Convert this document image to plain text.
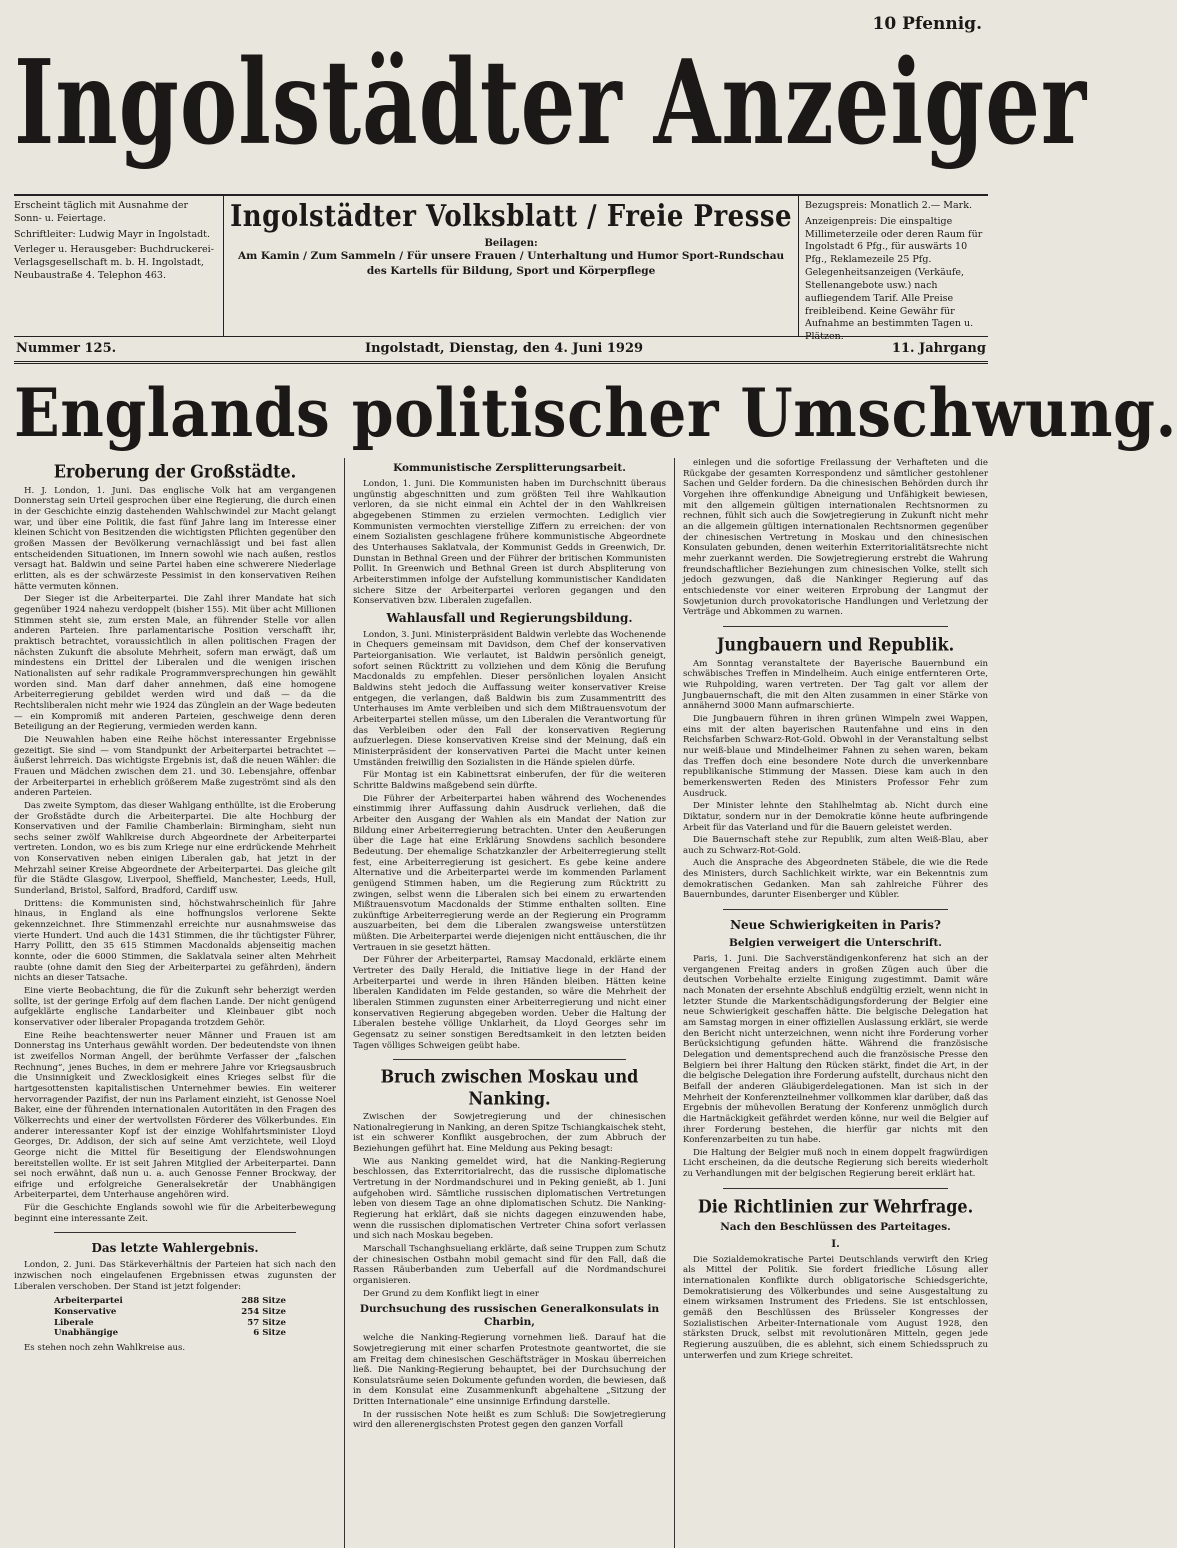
10 Pfennig.
Ingolstädter Anzeiger

Erscheint täglich mit Ausnahme der Sonn- u. Feiertage.

Schriftleiter: Ludwig Mayr in Ingolstadt.

Verleger u. Herausgeber: Buchdruckerei-Verlagsgesellschaft m. b. H. Ingolstadt, Neubaustraße 4. Telephon 463.

Ingolstädter Volksblatt / Freie Presse
Beilagen:
Am Kamin / Zum Sammeln / Für unsere Frauen / Unterhaltung und Humor Sport-Rundschau des Kartells für Bildung, Sport und Körperpflege

Bezugspreis: Monatlich 2.— Mark.

Anzeigenpreis: Die einspaltige Millimeterzeile oder deren Raum für Ingolstadt 6 Pfg., für auswärts 10 Pfg., Reklamezeile 25 Pfg. Gelegenheitsanzeigen (Verkäufe, Stellenangebote usw.) nach aufliegendem Tarif. Alle Preise freibleibend. Keine Gewähr für Aufnahme an bestimmten Tagen u. Plätzen.

Nummer 125.	Ingolstadt, Dienstag, den 4. Juni 1929	11. Jahrgang
Englands politischer Umschwung.
Eroberung der Großstädte.

H. J. London, 1. Juni. Das englische Volk hat am vergangenen Donnerstag sein Urteil gesprochen über eine Regierung, die durch einen in der Geschichte einzig dastehenden Wahlschwindel zur Macht gelangt war, und über eine Politik, die fast fünf Jahre lang im Interesse einer kleinen Schicht von Besitzenden die wichtigsten Pflichten gegenüber den großen Massen der Bevölkerung vernachlässigt und bei fast allen entscheidenden Situationen, im Innern sowohl wie nach außen, restlos versagt hat. Baldwin und seine Partei haben eine schwerere Niederlage erlitten, als es der schwärzeste Pessimist in den konservativen Reihen hätte vermuten können.

Der Sieger ist die Arbeiterpartei. Die Zahl ihrer Mandate hat sich gegenüber 1924 nahezu verdoppelt (bisher 155). Mit über acht Millionen Stimmen steht sie, zum ersten Male, an führender Stelle vor allen anderen Parteien. Ihre parlamentarische Position verschafft ihr, praktisch betrachtet, voraussichtlich in allen politischen Fragen der nächsten Zukunft die absolute Mehrheit, sofern man erwägt, daß um mindestens ein Drittel der Liberalen und die wenigen irischen Nationalisten auf sehr radikale Programmversprechungen hin gewählt worden sind. Man darf daher annehmen, daß eine homogene Arbeiterregierung gebildet werden wird und daß — da die Rechtsliberalen nicht mehr wie 1924 das Zünglein an der Wage bedeuten — ein Kompromiß mit anderen Parteien, geschweige denn deren Beteiligung an der Regierung, vermieden werden kann.

Die Neuwahlen haben eine Reihe höchst interessanter Ergebnisse gezeitigt. Sie sind — vom Standpunkt der Arbeiterpartei betrachtet — äußerst lehrreich. Das wichtigste Ergebnis ist, daß die neuen Wähler: die Frauen und Mädchen zwischen dem 21. und 30. Lebensjahre, offenbar der Arbeiterpartei in erheblich größerem Maße zugeströmt sind als den anderen Parteien.

Das zweite Symptom, das dieser Wahlgang enthüllte, ist die Eroberung der Großstädte durch die Arbeiterpartei. Die alte Hochburg der Konservativen und der Familie Chamberlain: Birmingham, sieht nun sechs seiner zwölf Wahlkreise durch Abgeordnete der Arbeiterpartei vertreten. London, wo es bis zum Kriege nur eine erdrückende Mehrheit von Konservativen neben einigen Liberalen gab, hat jetzt in der Mehrzahl seiner Kreise Abgeordnete der Arbeiterpartei. Das gleiche gilt für die Städte Glasgow, Liverpool, Sheffield, Manchester, Leeds, Hull, Sunderland, Bristol, Salford, Bradford, Cardiff usw.

Drittens: die Kommunisten sind, höchstwahrscheinlich für Jahre hinaus, in England als eine hoffnungslos verlorene Sekte gekennzeichnet. Ihre Stimmenzahl erreichte nur ausnahmsweise das vierte Hundert. Und auch die 1431 Stimmen, die ihr tüchtigster Führer, Harry Pollitt, den 35 615 Stimmen Macdonalds abjenseitig machen konnte, oder die 6000 Stimmen, die Saklatvala seiner alten Mehrheit raubte (ohne damit den Sieg der Arbeiterpartei zu gefährden), ändern nichts an dieser Tatsache.

Eine vierte Beobachtung, die für die Zukunft sehr beherzigt werden sollte, ist der geringe Erfolg auf dem flachen Lande. Der nicht genügend aufgeklärte englische Landarbeiter und Kleinbauer gibt noch konservativer oder liberaler Propaganda trotzdem Gehör.

Eine Reihe beachtenswerter neuer Männer und Frauen ist am Donnerstag ins Unterhaus gewählt worden. Der bedeutendste von ihnen ist zweifellos Norman Angell, der berühmte Verfasser der „falschen Rechnung“, jenes Buches, in dem er mehrere Jahre vor Kriegsausbruch die Unsinnigkeit und Zwecklosigkeit eines Krieges selbst für die hartgesottensten kapitalistischen Unternehmer bewies. Ein weiterer hervorragender Pazifist, der nun ins Parlament einzieht, ist Genosse Noel Baker, eine der führenden internationalen Autoritäten in den Fragen des Völkerrechts und einer der wertvollsten Förderer des Völkerbundes. Ein anderer interessanter Kopf ist der einzige Wohlfahrtsminister Lloyd Georges, Dr. Addison, der sich auf seine Amt verzichtete, weil Lloyd George nicht die Mittel für Beseitigung der Elendswohnungen bereitstellen wollte. Er ist seit Jahren Mitglied der Arbeiterpartei. Dann sei noch erwähnt, daß nun u. a. auch Genosse Fenner Brockway, der eifrige und erfolgreiche Generalsekretär der Unabhängigen Arbeiterpartei, dem Unterhause angehören wird.

Für die Geschichte Englands sowohl wie für die Arbeiterbewegung beginnt eine interessante Zeit.

Das letzte Wahlergebnis.

London, 2. Juni. Das Stärkeverhältnis der Parteien hat sich nach den inzwischen noch eingelaufenen Ergebnissen etwas zugunsten der Liberalen verschoben. Der Stand ist jetzt folgender:

Arbeiterpartei	288 Sitze
Konservative	254 Sitze
Liberale	57 Sitze
Unabhängige	6 Sitze

Es stehen noch zehn Wahlkreise aus.

Kommunistische Zersplitterungsarbeit.

London, 1. Juni. Die Kommunisten haben im Durchschnitt überaus ungünstig abgeschnitten und zum größten Teil ihre Wahlkaution verloren, da sie nicht einmal ein Achtel der in den Wahlkreisen abgegebenen Stimmen zu erzielen vermochten. Lediglich vier Kommunisten vermochten vierstellige Ziffern zu erreichen: der von einem Sozialisten geschlagene frühere kommunistische Abgeordnete des Unterhauses Saklatvala, der Kommunist Gedds in Greenwich, Dr. Dunstan in Bethnal Green und der Führer der britischen Kommunisten Pollit. In Greenwich und Bethnal Green ist durch Abspliterung von Arbeiterstimmen infolge der Aufstellung kommunistischer Kandidaten sichere Sitze der Arbeiterpartei verloren gegangen und den Konservativen bzw. Liberalen zugefallen.

Wahlausfall und Regierungsbildung.

London, 3. Juni. Ministerpräsident Baldwin verlebte das Wochenende in Chequers gemeinsam mit Davidson, dem Chef der konservativen Parteiorganisation. Wie verlautet, ist Baldwin persönlich geneigt, sofort seinen Rücktritt zu vollziehen und dem König die Berufung Macdonalds zu empfehlen. Dieser persönlichen loyalen Ansicht Baldwins steht jedoch die Auffassung weiter konservativer Kreise entgegen, die verlangen, daß Baldwin bis zum Zusammentritt des Unterhauses im Amte verbleiben und sich dem Mißtrauensvotum der Arbeiterpartei stellen müsse, um den Liberalen die Verantwortung für das Verbleiben oder den Fall der konservativen Regierung aufzuerlegen. Diese konservativen Kreise sind der Meinung, daß ein Ministerpräsident der konservativen Partei die Macht unter keinen Umständen freiwillig den Sozialisten in die Hände spielen dürfe.

Für Montag ist ein Kabinettsrat einberufen, der für die weiteren Schritte Baldwins maßgebend sein dürfte.

Die Führer der Arbeiterpartei haben während des Wochenendes einstimmig ihrer Auffassung dahin Ausdruck verliehen, daß die Arbeiter den Ausgang der Wahlen als ein Mandat der Nation zur Bildung einer Arbeiterregierung betrachten. Unter den Aeußerungen über die Lage hat eine Erklärung Snowdens sachlich besondere Bedeutung. Der ehemalige Schatzkanzler der Arbeiterregierung stellt fest, eine Arbeiterregierung ist gesichert. Es gebe keine andere Alternative und die Arbeiterpartei werde im kommenden Parlament genügend Stimmen haben, um die Regierung zum Rücktritt zu zwingen, selbst wenn die Liberalen sich bei einem zu erwartenden Mißtrauensvotum Macdonalds der Stimme enthalten sollten. Eine zukünftige Arbeiterregierung werde an der Regierung ein Programm auszuarbeiten, bei dem die Liberalen zwangsweise unterstützen müßten. Die Arbeiterpartei werde diejenigen nicht enttäuschen, die ihr Vertrauen in sie gesetzt hätten.

Der Führer der Arbeiterpartei, Ramsay Macdonald, erklärte einem Vertreter des Daily Herald, die Initiative liege in der Hand der Arbeiterpartei und werde in ihren Händen bleiben. Hätten keine liberalen Kandidaten im Felde gestanden, so wäre die Mehrheit der liberalen Stimmen zugunsten einer Arbeiterregierung und nicht einer konservativen Regierung abgegeben worden. Ueber die Haltung der Liberalen bestehe völlige Unklarheit, da Lloyd Georges sehr im Gegensatz zu seiner sonstigen Beredtsamkeit in den letzten beiden Tagen völliges Schweigen geübt habe.

Bruch zwischen Moskau und Nanking.

Zwischen der Sowjetregierung und der chinesischen Nationalregierung in Nanking, an deren Spitze Tschiangkaischek steht, ist ein schwerer Konflikt ausgebrochen, der zum Abbruch der Beziehungen geführt hat. Eine Meldung aus Peking besagt:

Wie aus Nanking gemeldet wird, hat die Nanking-Regierung beschlossen, das Exterritorialrecht, das die russische diplomatische Vertretung in der Nordmandschurei und in Peking genießt, ab 1. Juni aufgehoben wird. Sämtliche russischen diplomatischen Vertretungen leben von diesem Tage an ohne diplomatischen Schutz. Die Nanking-Regierung hat erklärt, daß sie nichts dagegen einzuwenden habe, wenn die russischen diplomatischen Vertreter China sofort verlassen und sich nach Moskau begeben.

Marschall Tschanghsueliang erklärte, daß seine Truppen zum Schutz der chinesischen Ostbahn mobil gemacht sind für den Fall, daß die Rassen Räuberbanden zum Ueberfall auf die Nordmandschurei organisieren.

Der Grund zu dem Konflikt liegt in einer

Durchsuchung des russischen Generalkonsulats in Charbin,

welche die Nanking-Regierung vornehmen ließ. Darauf hat die Sowjetregierung mit einer scharfen Protestnote geantwortet, die sie am Freitag dem chinesischen Geschäftsträger in Moskau überreichen ließ. Die Nanking-Regierung behauptet, bei der Durchsuchung der Konsulatsräume seien Dokumente gefunden worden, die bewiesen, daß in dem Konsulat eine Zusammenkunft abgehaltene „Sitzung der Dritten Internationale“ eine unsinnige Erfindung darstelle.

In der russischen Note heißt es zum Schluß: Die Sowjetregierung wird den allerenergischsten Protest gegen den ganzen Vorfall

einlegen und die sofortige Freilassung der Verhafteten und die Rückgabe der gesamten Korrespondenz und sämtlicher gestohlener Sachen und Gelder fordern. Da die chinesischen Behörden durch ihr Vorgehen ihre offenkundige Abneigung und Unfähigkeit bewiesen, mit den allgemein gültigen internationalen Rechtsnormen zu rechnen, fühlt sich auch die Sowjetregierung in Zukunft nicht mehr an die allgemein gültigen internationalen Rechtsnormen gegenüber der chinesischen Vertretung in Moskau und den chinesischen Konsulaten gebunden, denen weiterhin Exterritorialitätsrechte nicht mehr zuerkannt werden. Die Sowjetregierung erstrebt die Wahrung freundschaftlicher Beziehungen zum chinesischen Volke, stellt sich jedoch gezwungen, daß die Nankinger Regierung auf das entschiedenste vor einer weiteren Erprobung der Langmut der Sowjetunion durch provokatorische Handlungen und Verletzung der Verträge und Abkommen zu warnen.

Jungbauern und Republik.

Am Sonntag veranstaltete der Bayerische Bauernbund ein schwäbisches Treffen in Mindelheim. Auch einige entfernteren Orte, wie Ruhpolding, waren vertreten. Der Tag galt vor allem der Jungbauernschaft, die mit den Alten zusammen in einer Stärke von annähernd 3000 Mann aufmarschierte.

Die Jungbauern führen in ihren grünen Wimpeln zwei Wappen, eins mit der alten bayerischen Rautenfahne und eins in den Reichsfarben Schwarz-Rot-Gold. Obwohl in der Veranstaltung selbst nur weiß-blaue und Mindelheimer Fahnen zu sehen waren, bekam das Treffen doch eine besondere Note durch die unverkennbare republikanische Stimmung der Massen. Diese kam auch in den bemerkenswerten Reden des Ministers Professor Fehr zum Ausdruck.

Der Minister lehnte den Stahlhelmtag ab. Nicht durch eine Diktatur, sondern nur in der Demokratie könne heute aufbringende Arbeit für das Vaterland und für die Bauern geleistet werden.

Die Bauernschaft stehe zur Republik, zum alten Weiß-Blau, aber auch zu Schwarz-Rot-Gold.

Auch die Ansprache des Abgeordneten Stäbele, die wie die Rede des Ministers, durch Sachlichkeit wirkte, war ein Bekenntnis zum demokratischen Gedanken. Man sah zahlreiche Führer des Bauernbundes, darunter Eisenberger und Kübler.

Neue Schwierigkeiten in Paris?
Belgien verweigert die Unterschrift.

Paris, 1. Juni. Die Sachverständigenkonferenz hat sich an der vergangenen Freitag anders in großen Zügen auch über die deutschen Vorbehalte erzielte Einigung zugestimmt. Damit wäre nach Monaten der ersehnte Abschluß endgültig erzielt, wenn nicht in letzter Stunde die Markentschädigungsforderung der Belgier eine neue Schwierigkeit geschaffen hätte. Die belgische Delegation hat am Samstag morgen in einer offiziellen Auslassung erklärt, sie werde den Bericht nicht unterzeichnen, wenn nicht ihre Forderung vorher Berücksichtigung gefunden hätte. Während die französische Delegation und dementsprechend auch die französische Presse den Belgiern bei ihrer Haltung den Rücken stärkt, findet die Art, in der die belgische Delegation ihre Forderung aufstellt, durchaus nicht den Beifall der anderen Gläubigerdelegationen. Man ist sich in der Mehrheit der Konferenzteilnehmer vollkommen klar darüber, daß das Ergebnis der mühevollen Beratung der Konferenz unmöglich durch die Hartnäckigkeit gefährdet werden könne, nur weil die Belgier auf ihrer Forderung bestehen, die hierfür gar nichts mit den Konferenzarbeiten zu tun habe.

Die Haltung der Belgier muß noch in einem doppelt fragwürdigen Licht erscheinen, da die deutsche Regierung sich bereits wiederholt zu Verhandlungen mit der belgischen Regierung bereit erklärt hat.

Die Richtlinien zur Wehrfrage.
Nach den Beschlüssen des Parteitages.
I.

Die Sozialdemokratische Partei Deutschlands verwirft den Krieg als Mittel der Politik. Sie fordert friedliche Lösung aller internationalen Konflikte durch obligatorische Schiedsgerichte, Demokratisierung des Völkerbundes und seine Ausgestaltung zu einem wirksamen Instrument des Friedens. Sie ist entschlossen, gemäß den Beschlüssen des Brüsseler Kongresses der Sozialistischen Arbeiter-Internationale vom August 1928, den stärksten Druck, selbst mit revolutionären Mitteln, gegen jede Regierung auszuüben, die es ablehnt, sich einem Schiedsspruch zu unterwerfen und zum Kriege schreitet.
